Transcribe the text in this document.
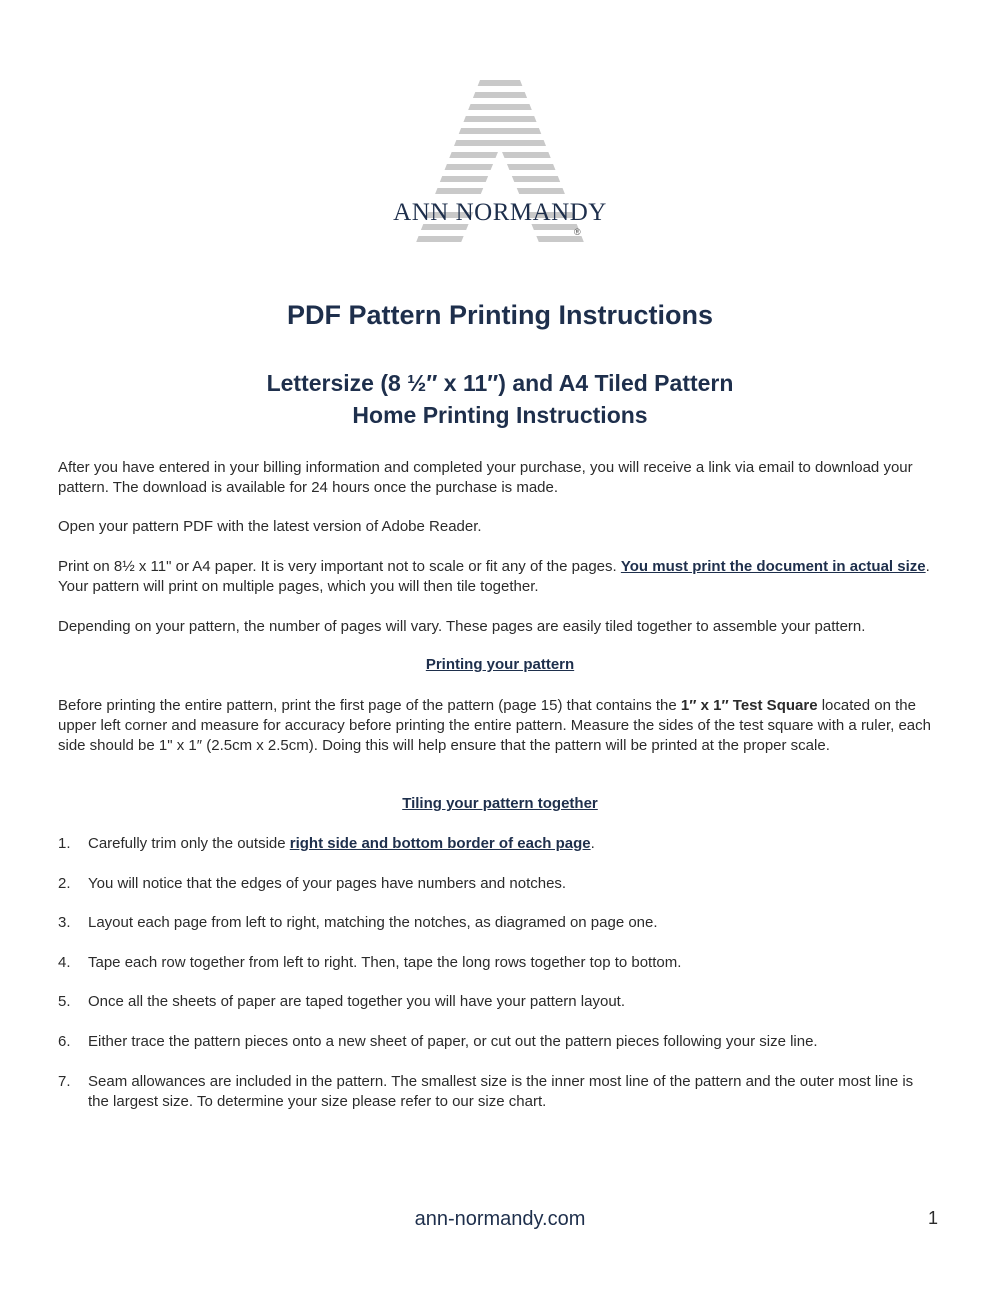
ANN NORMANDY
®
PDF Pattern Printing Instructions
Lettersize (8 ½″ x 11″) and A4 Tiled Pattern
Home Printing Instructions

After you have entered in your billing information and completed your purchase, you will receive a link via email to download your pattern. The download is available for 24 hours once the purchase is made.

Open your pattern PDF with the latest version of Adobe Reader.

Print on 8½ x 11" or A4 paper. It is very important not to scale or fit any of the pages. You must print the document in actual size. Your pattern will print on multiple pages, which you will then tile together.

Depending on your pattern, the number of pages will vary. These pages are easily tiled together to assemble your pattern.

Printing your pattern

Before printing the entire pattern, print the first page of the pattern (page 15) that contains the 1″ x 1″ Test Square located on the upper left corner and measure for accuracy before printing the entire pattern. Measure the sides of the test square with a ruler, each side should be 1" x 1″ (2.5cm x 2.5cm). Doing this will help ensure that the pattern will be printed at the proper scale.

Tiling your pattern together

1. Carefully trim only the outside right side and bottom border of each page.
2. You will notice that the edges of your pages have numbers and notches.
3. Layout each page from left to right, matching the notches, as diagramed on page one.
4. Tape each row together from left to right. Then, tape the long rows together top to bottom.
5. Once all the sheets of paper are taped together you will have your pattern layout.
6. Either trace the pattern pieces onto a new sheet of paper, or cut out the pattern pieces following your size line.
7. Seam allowances are included in the pattern. The smallest size is the inner most line of the pattern and the outer most line is the largest size. To determine your size please refer to our size chart.
ann-normandy.com	1
